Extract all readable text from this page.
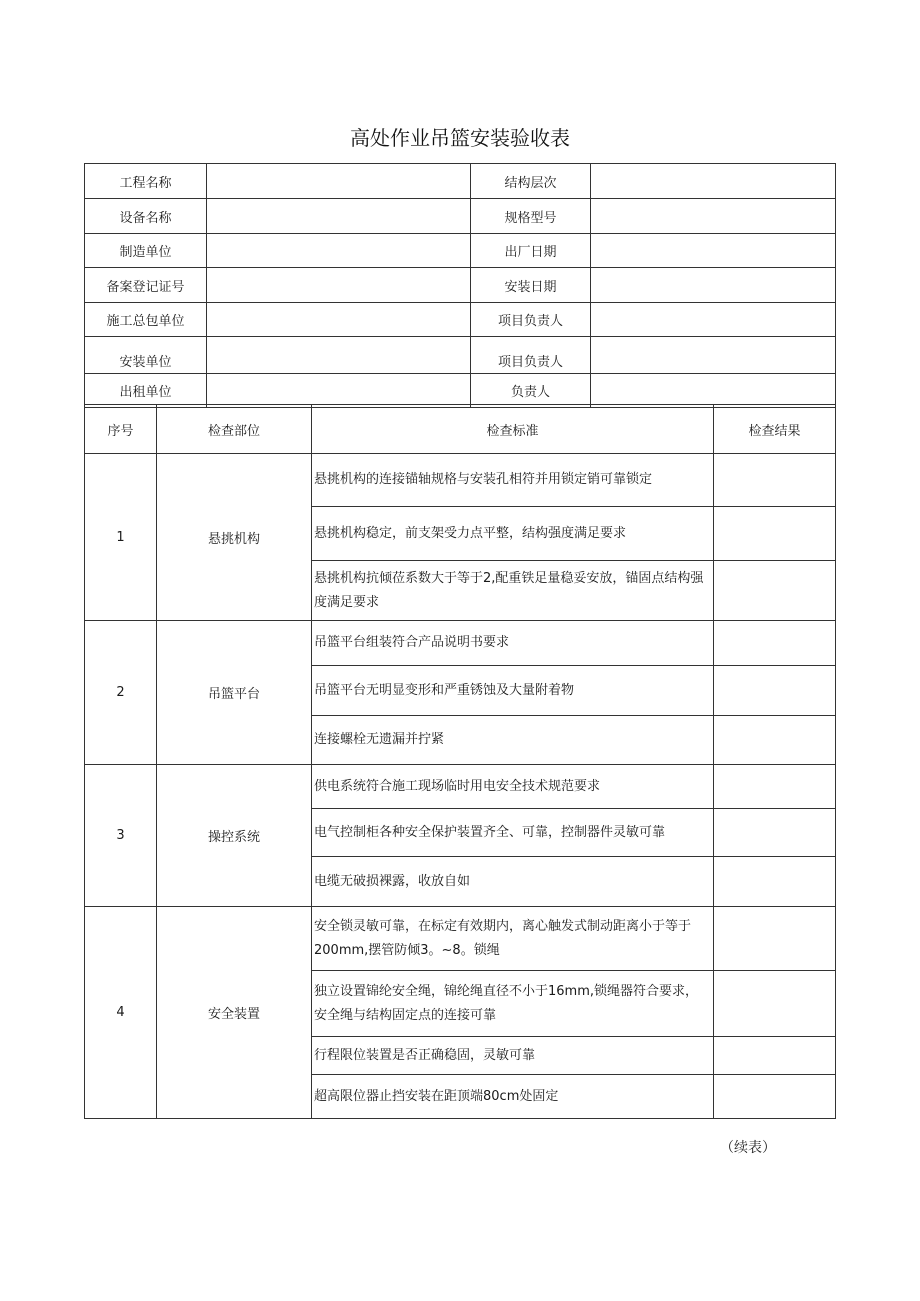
高处作业吊篮安装验收表
工程名称		结构层次	
设备名称		规格型号	
制造单位		出厂日期	
备案登记证号		安装日期	
施工总包单位		项目负责人	
安装单位		项目负责人	
出租单位		负责人	
序号	检查部位	检查标准	检查结果
1	悬挑机构	悬挑机构的连接锚轴规格与安装孔相符并用锁定销可靠锁定	
		悬挑机构稳定，前支架受力点平整，结构强度满足要求	
		悬挑机构抗倾莅系数大于等于2,配重铁足量稳妥安放，锚固点结构强度满足要求	
2	吊篮平台	吊篮平台组装符合产品说明书要求	
		吊篮平台无明显变形和严重锈蚀及大量附着物	
		连接螺栓无遗漏并拧紧	
3	操控系统	供电系统符合施工现场临时用电安全技术规范要求	
		电气控制柜各种安全保护装置齐全、可靠，控制器件灵敏可靠	
		电缆无破损裸露，收放自如	
4	安全装置	安全锁灵敏可靠，在标定有效期内，离心触发式制动距离小于等于200mm,摆管防倾3。~8。锁绳	
		独立设置锦纶安全绳，锦纶绳直径不小于16mm,锁绳器符合要求，安全绳与结构固定点的连接可靠	
		行程限位装置是否正确稳固，灵敏可靠	
		超高限位器止挡安装在距顶端80cm处固定	
（续表）
